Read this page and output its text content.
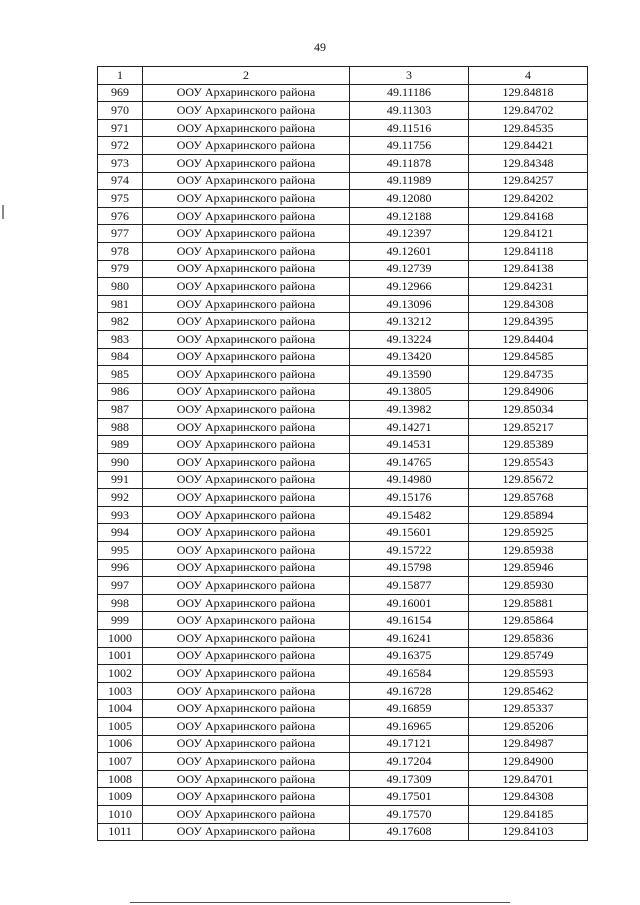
49
1	2	3	4
969	ООУ Архаринского района	49.11186	129.84818
970	ООУ Архаринского района	49.11303	129.84702
971	ООУ Архаринского района	49.11516	129.84535
972	ООУ Архаринского района	49.11756	129.84421
973	ООУ Архаринского района	49.11878	129.84348
974	ООУ Архаринского района	49.11989	129.84257
975	ООУ Архаринского района	49.12080	129.84202
976	ООУ Архаринского района	49.12188	129.84168
977	ООУ Архаринского района	49.12397	129.84121
978	ООУ Архаринского района	49.12601	129.84118
979	ООУ Архаринского района	49.12739	129.84138
980	ООУ Архаринского района	49.12966	129.84231
981	ООУ Архаринского района	49.13096	129.84308
982	ООУ Архаринского района	49.13212	129.84395
983	ООУ Архаринского района	49.13224	129.84404
984	ООУ Архаринского района	49.13420	129.84585
985	ООУ Архаринского района	49.13590	129.84735
986	ООУ Архаринского района	49.13805	129.84906
987	ООУ Архаринского района	49.13982	129.85034
988	ООУ Архаринского района	49.14271	129.85217
989	ООУ Архаринского района	49.14531	129.85389
990	ООУ Архаринского района	49.14765	129.85543
991	ООУ Архаринского района	49.14980	129.85672
992	ООУ Архаринского района	49.15176	129.85768
993	ООУ Архаринского района	49.15482	129.85894
994	ООУ Архаринского района	49.15601	129.85925
995	ООУ Архаринского района	49.15722	129.85938
996	ООУ Архаринского района	49.15798	129.85946
997	ООУ Архаринского района	49.15877	129.85930
998	ООУ Архаринского района	49.16001	129.85881
999	ООУ Архаринского района	49.16154	129.85864
1000	ООУ Архаринского района	49.16241	129.85836
1001	ООУ Архаринского района	49.16375	129.85749
1002	ООУ Архаринского района	49.16584	129.85593
1003	ООУ Архаринского района	49.16728	129.85462
1004	ООУ Архаринского района	49.16859	129.85337
1005	ООУ Архаринского района	49.16965	129.85206
1006	ООУ Архаринского района	49.17121	129.84987
1007	ООУ Архаринского района	49.17204	129.84900
1008	ООУ Архаринского района	49.17309	129.84701
1009	ООУ Архаринского района	49.17501	129.84308
1010	ООУ Архаринского района	49.17570	129.84185
1011	ООУ Архаринского района	49.17608	129.84103
